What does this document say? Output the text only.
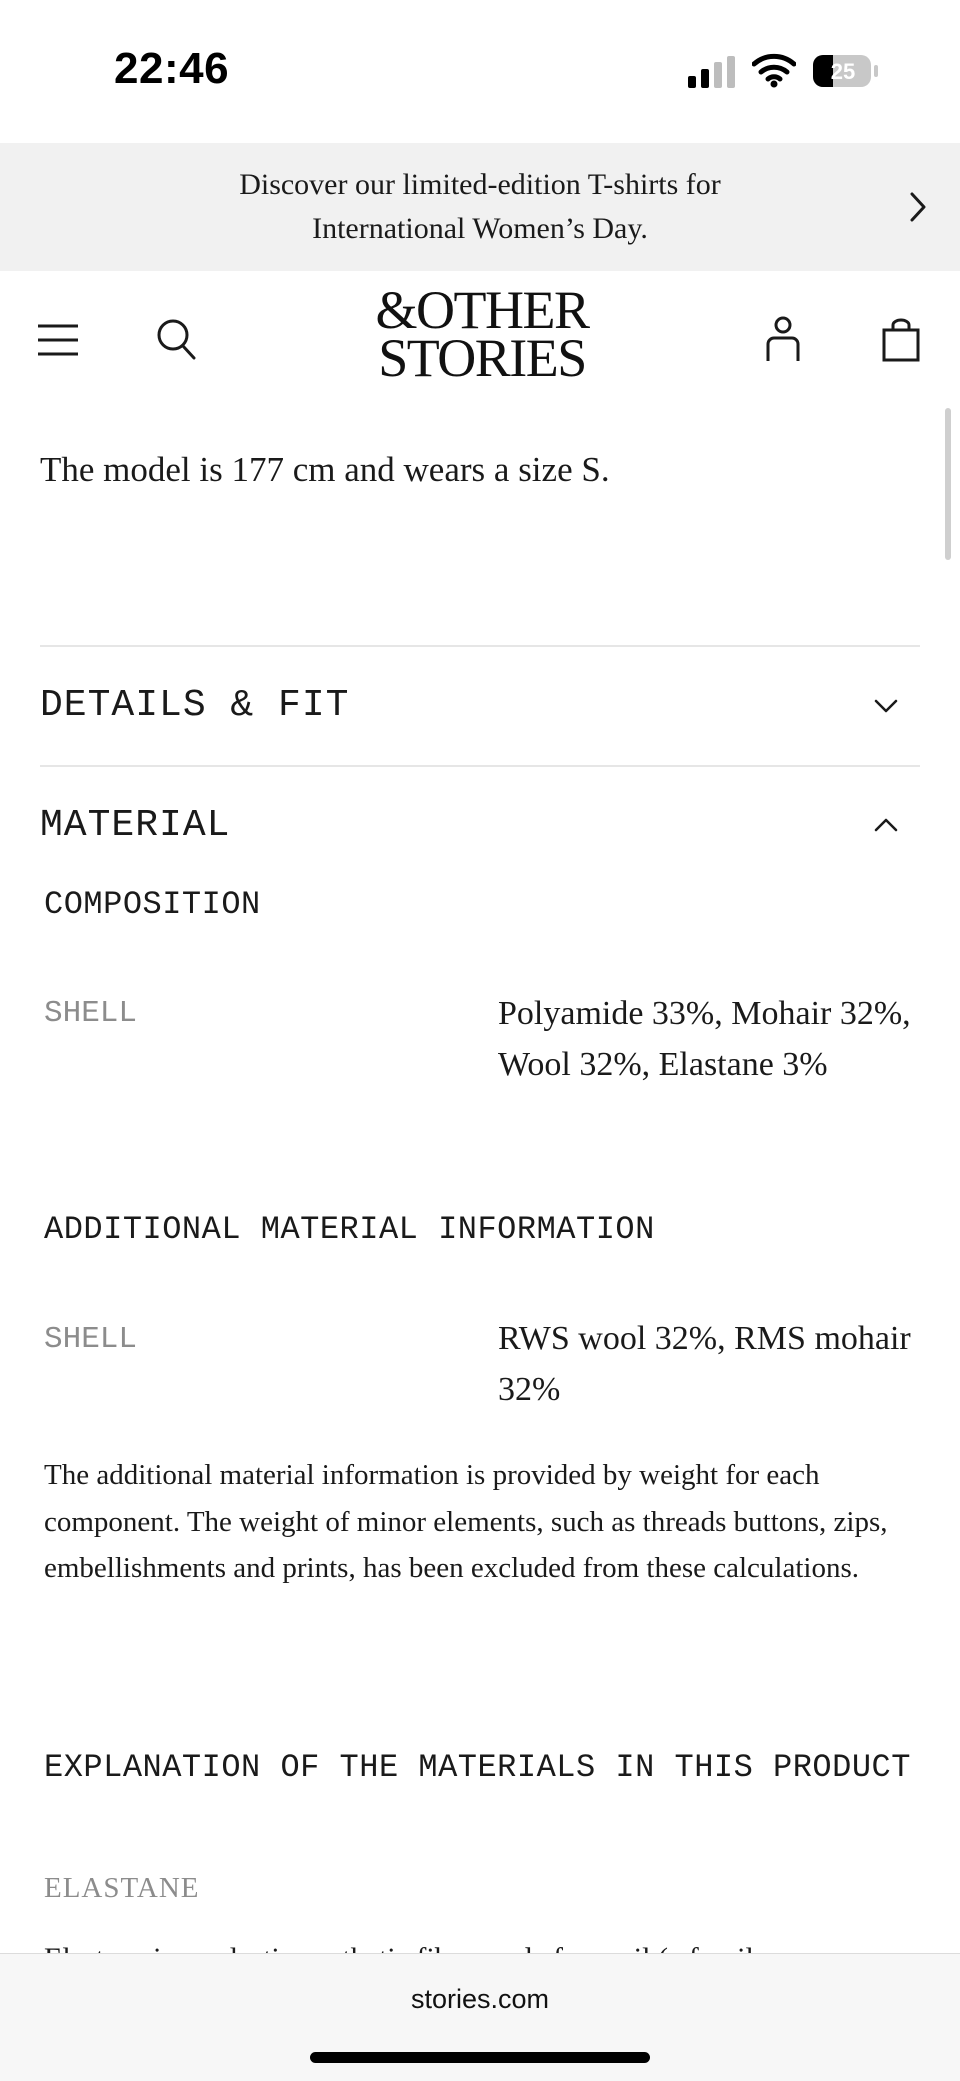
22:46	25
Discover our limited-edition T-shirts for
International Women’s Day.
&OTHER
STORIES
The model is 177 cm and wears a size S.
DETAILS & FIT
MATERIAL
COMPOSITION
SHELL	Polyamide 33%, Mohair 32%, Wool 32%, Elastane 3%
ADDITIONAL MATERIAL INFORMATION
SHELL	RWS wool 32%, RMS mohair 32%
The additional material information is provided by weight for each component. The weight of minor elements, such as threads buttons, zips, embellishments and prints, has been excluded from these calculations.
EXPLANATION OF THE MATERIALS IN THIS PRODUCT
ELASTANE
stories.com
